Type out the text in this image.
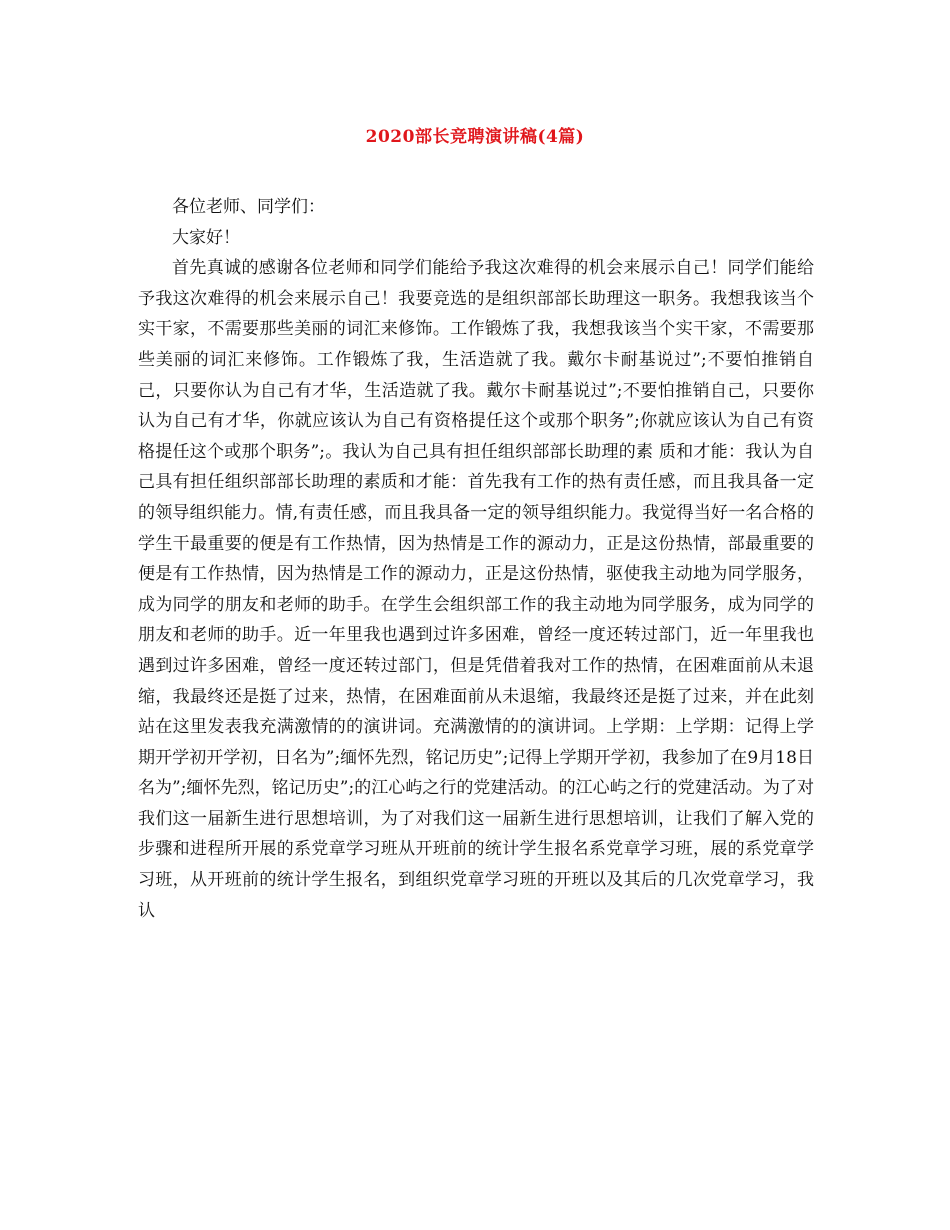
2020部长竞聘演讲稿(4篇)

各位老师、同学们：

大家好！

首先真诚的感谢各位老师和同学们能给予我这次难得的机会来展示自己！同学们能给予我这次难得的机会来展示自己！我要竞选的是组织部部长助理这一职务。我想我该当个实干家，不需要那些美丽的词汇来修饰。工作锻炼了我，我想我该当个实干家，不需要那些美丽的词汇来修饰。工作锻炼了我，生活造就了我。戴尔卡耐基说过”;不要怕推销自己，只要你认为自己有才华，生活造就了我。戴尔卡耐基说过”;不要怕推销自己，只要你认为自己有才华，你就应该认为自己有资格提任这个或那个职务”;你就应该认为自己有资格提任这个或那个职务”;。我认为自己具有担任组织部部长助理的素 质和才能：我认为自己具有担任组织部部长助理的素质和才能：首先我有工作的热有责任感，而且我具备一定的领导组织能力。情,有责任感，而且我具备一定的领导组织能力。我觉得当好一名合格的学生干最重要的便是有工作热情，因为热情是工作的源动力，正是这份热情，部最重要的便是有工作热情，因为热情是工作的源动力，正是这份热情，驱使我主动地为同学服务，成为同学的朋友和老师的助手。在学生会组织部工作的我主动地为同学服务，成为同学的朋友和老师的助手。近一年里我也遇到过许多困难，曾经一度还转过部门，近一年里我也遇到过许多困难，曾经一度还转过部门，但是凭借着我对工作的热情，在困难面前从未退缩，我最终还是挺了过来，热情，在困难面前从未退缩，我最终还是挺了过来，并在此刻站在这里发表我充满激情的的演讲词。充满激情的的演讲词。上学期：上学期：记得上学期开学初开学初，日名为”;缅怀先烈，铭记历史”;记得上学期开学初，我参加了在9月18日名为”;缅怀先烈，铭记历史”;的江心屿之行的党建活动。的江心屿之行的党建活动。为了对我们这一届新生进行思想培训，为了对我们这一届新生进行思想培训，让我们了解入党的步骤和进程所开展的系党章学习班从开班前的统计学生报名系党章学习班，展的系党章学习班，从开班前的统计学生报名，到组织党章学习班的开班以及其后的几次党章学习，我认
